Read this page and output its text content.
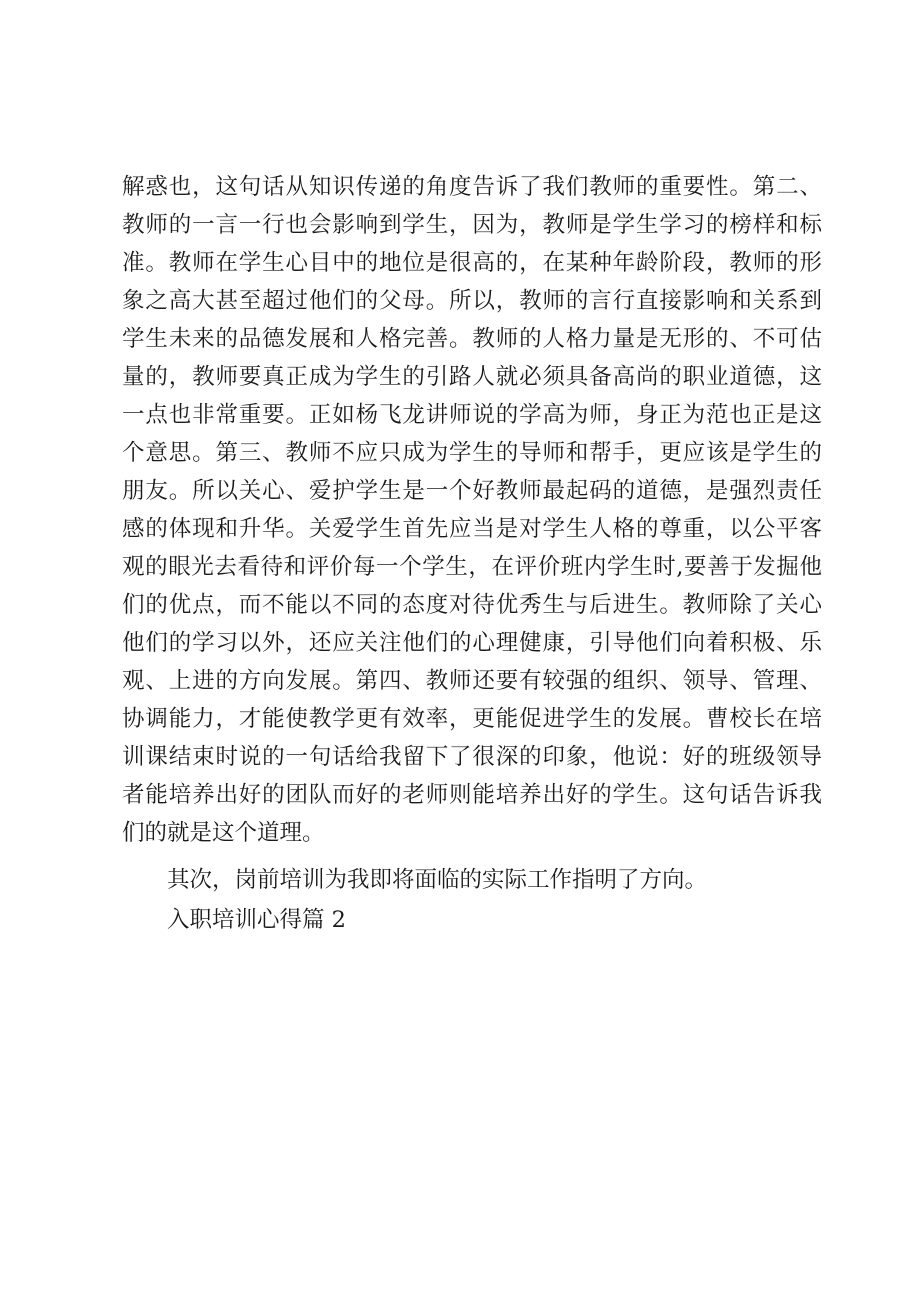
解惑也，这句话从知识传递的角度告诉了我们教师的重要性。第二、
教师的一言一行也会影响到学生，因为，教师是学生学习的榜样和标
准。教师在学生心目中的地位是很高的，在某种年龄阶段，教师的形
象之高大甚至超过他们的父母。所以，教师的言行直接影响和关系到
学生未来的品德发展和人格完善。教师的人格力量是无形的、不可估
量的，教师要真正成为学生的引路人就必须具备高尚的职业道德，这
一点也非常重要。正如杨飞龙讲师说的学高为师，身正为范也正是这
个意思。第三、教师不应只成为学生的导师和帮手，更应该是学生的
朋友。所以关心、爱护学生是一个好教师最起码的道德，是强烈责任
感的体现和升华。关爱学生首先应当是对学生人格的尊重，以公平客
观的眼光去看待和评价每一个学生，在评价班内学生时,要善于发掘他
们的优点，而不能以不同的态度对待优秀生与后进生。教师除了关心
他们的学习以外，还应关注他们的心理健康，引导他们向着积极、乐
观、上进的方向发展。第四、教师还要有较强的组织、领导、管理、
协调能力，才能使教学更有效率，更能促进学生的发展。曹校长在培
训课结束时说的一句话给我留下了很深的印象，他说：好的班级领导
者能培养出好的团队而好的老师则能培养出好的学生。这句话告诉我
们的就是这个道理。
其次，岗前培训为我即将面临的实际工作指明了方向。
入职培训心得篇 2
